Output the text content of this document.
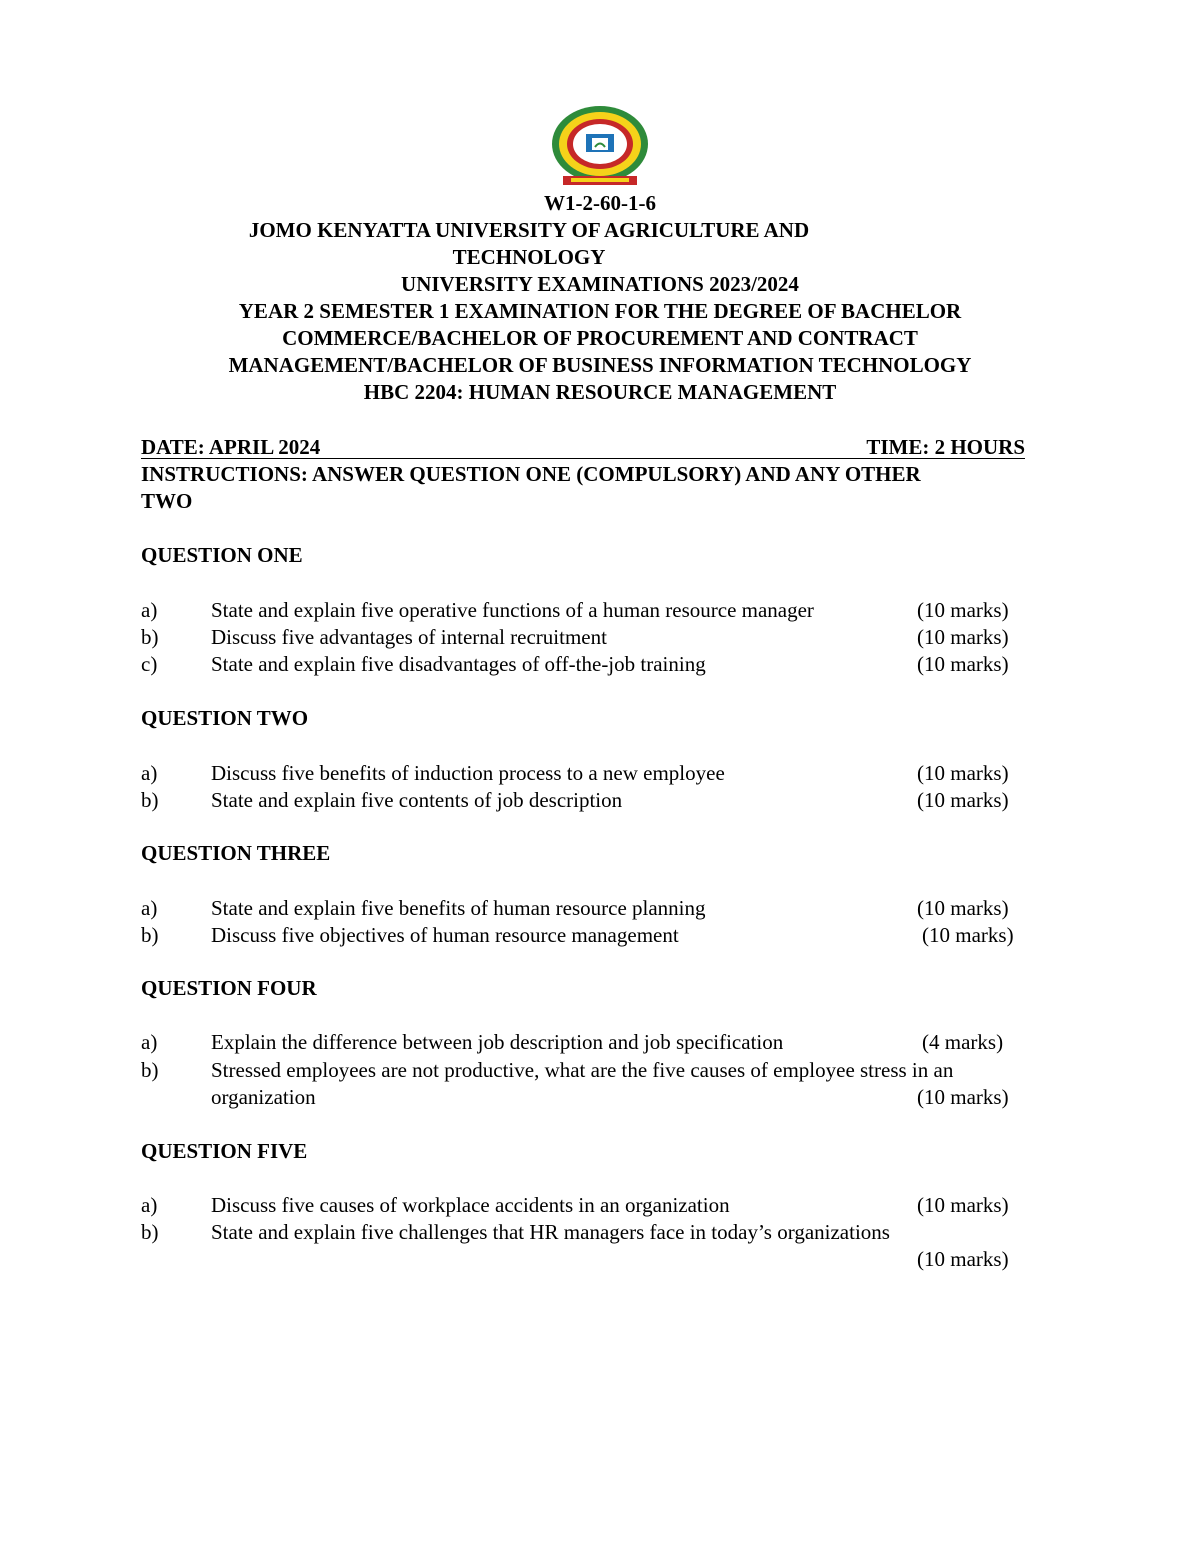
W1-2-60-1-6
JOMO KENYATTA UNIVERSITY OF AGRICULTURE AND
TECHNOLOGY
UNIVERSITY EXAMINATIONS 2023/2024
YEAR 2 SEMESTER 1 EXAMINATION FOR THE DEGREE OF BACHELOR
COMMERCE/BACHELOR OF PROCUREMENT AND CONTRACT
MANAGEMENT/BACHELOR OF BUSINESS INFORMATION TECHNOLOGY
HBC 2204: HUMAN RESOURCE MANAGEMENT
DATE: APRIL 2024	TIME: 2 HOURS
INSTRUCTIONS: ANSWER QUESTION ONE (COMPULSORY) AND ANY OTHER
TWO
QUESTION ONE
a)	State and explain five operative functions of a human resource manager	(10 marks)
b)	Discuss five advantages of internal recruitment	(10 marks)
c)	State and explain five disadvantages of off-the-job training	(10 marks)
QUESTION TWO
a)	Discuss five benefits of induction process to a new employee	(10 marks)
b)	State and explain five contents of job description	(10 marks)
QUESTION THREE
a)	State and explain five benefits of human resource planning	(10 marks)
b)	Discuss five objectives of human resource management	(10 marks)
QUESTION FOUR
a)	Explain the difference between job description and job specification	(4 marks)
b)	Stressed employees are not productive, what are the five causes of employee stress in an
organization	(10 marks)
QUESTION FIVE
a)	Discuss five causes of workplace accidents in an organization	(10 marks)
b)	State and explain five challenges that HR managers face in today’s organizations
(10 marks)
